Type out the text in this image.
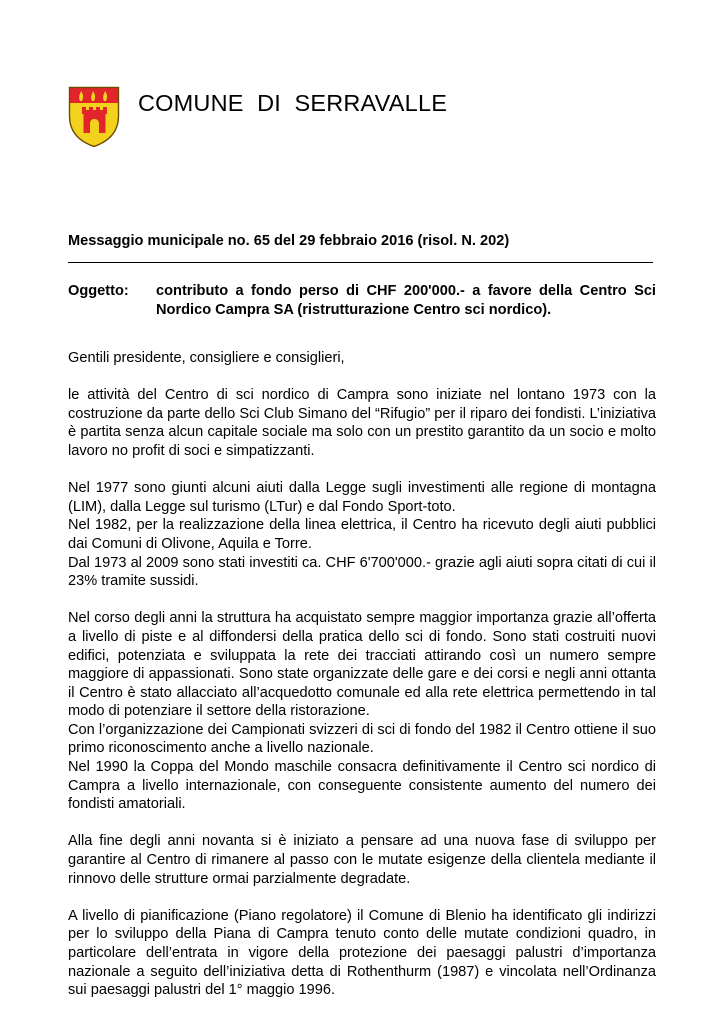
COMUNE  DI  SERRAVALLE
Messaggio municipale no. 65 del 29 febbraio 2016 (risol. N. 202)
Oggetto: contributo a fondo perso di CHF 200'000.- a favore della Centro Sci Nordico Campra SA (ristrutturazione Centro sci nordico).

Gentili presidente, consigliere e consiglieri,

le attività del Centro di sci nordico di Campra sono iniziate nel lontano 1973 con la costruzione da parte dello Sci Club Simano del “Rifugio” per il riparo dei fondisti. L’iniziativa è partita senza alcun capitale sociale ma solo con un prestito garantito da un socio e molto lavoro no profit di soci e simpatizzanti.

Nel 1977 sono giunti alcuni aiuti dalla Legge sugli investimenti alle regione di montagna (LIM), dalla Legge sul turismo (LTur) e dal Fondo Sport-toto.
Nel 1982, per la realizzazione della linea elettrica, il Centro ha ricevuto degli aiuti pubblici dai Comuni di Olivone, Aquila e Torre.
Dal 1973 al 2009 sono stati investiti ca. CHF 6'700'000.- grazie agli aiuti sopra citati di cui il 23% tramite sussidi.

Nel corso degli anni la struttura ha acquistato sempre maggior importanza grazie all’offerta a livello di piste e al diffondersi della pratica dello sci di fondo. Sono stati costruiti nuovi edifici, potenziata e sviluppata la rete dei tracciati attirando così un numero sempre maggiore di appassionati. Sono state organizzate delle gare e dei corsi e negli anni ottanta il Centro è stato allacciato all’acquedotto comunale ed alla rete elettrica permettendo in tal modo di potenziare il settore della ristorazione.
Con l’organizzazione dei Campionati svizzeri di sci di fondo del 1982 il Centro ottiene il suo primo riconoscimento anche a livello nazionale.
Nel 1990 la Coppa del Mondo maschile consacra definitivamente il Centro sci nordico di Campra a livello internazionale, con conseguente consistente aumento del numero dei fondisti amatoriali.

Alla fine degli anni novanta si è iniziato a pensare ad una nuova fase di sviluppo per garantire al Centro di rimanere al passo con le mutate esigenze della clientela mediante il rinnovo delle strutture ormai parzialmente degradate.

A livello di pianificazione (Piano regolatore) il Comune di Blenio ha identificato gli indirizzi per lo sviluppo della Piana di Campra tenuto conto delle mutate condizioni quadro, in particolare dell’entrata in vigore della protezione dei paesaggi palustri d’importanza nazionale a seguito dell’iniziativa detta di Rothenthurm (1987) e vincolata nell’Ordinanza sui paesaggi palustri del 1° maggio 1996.
